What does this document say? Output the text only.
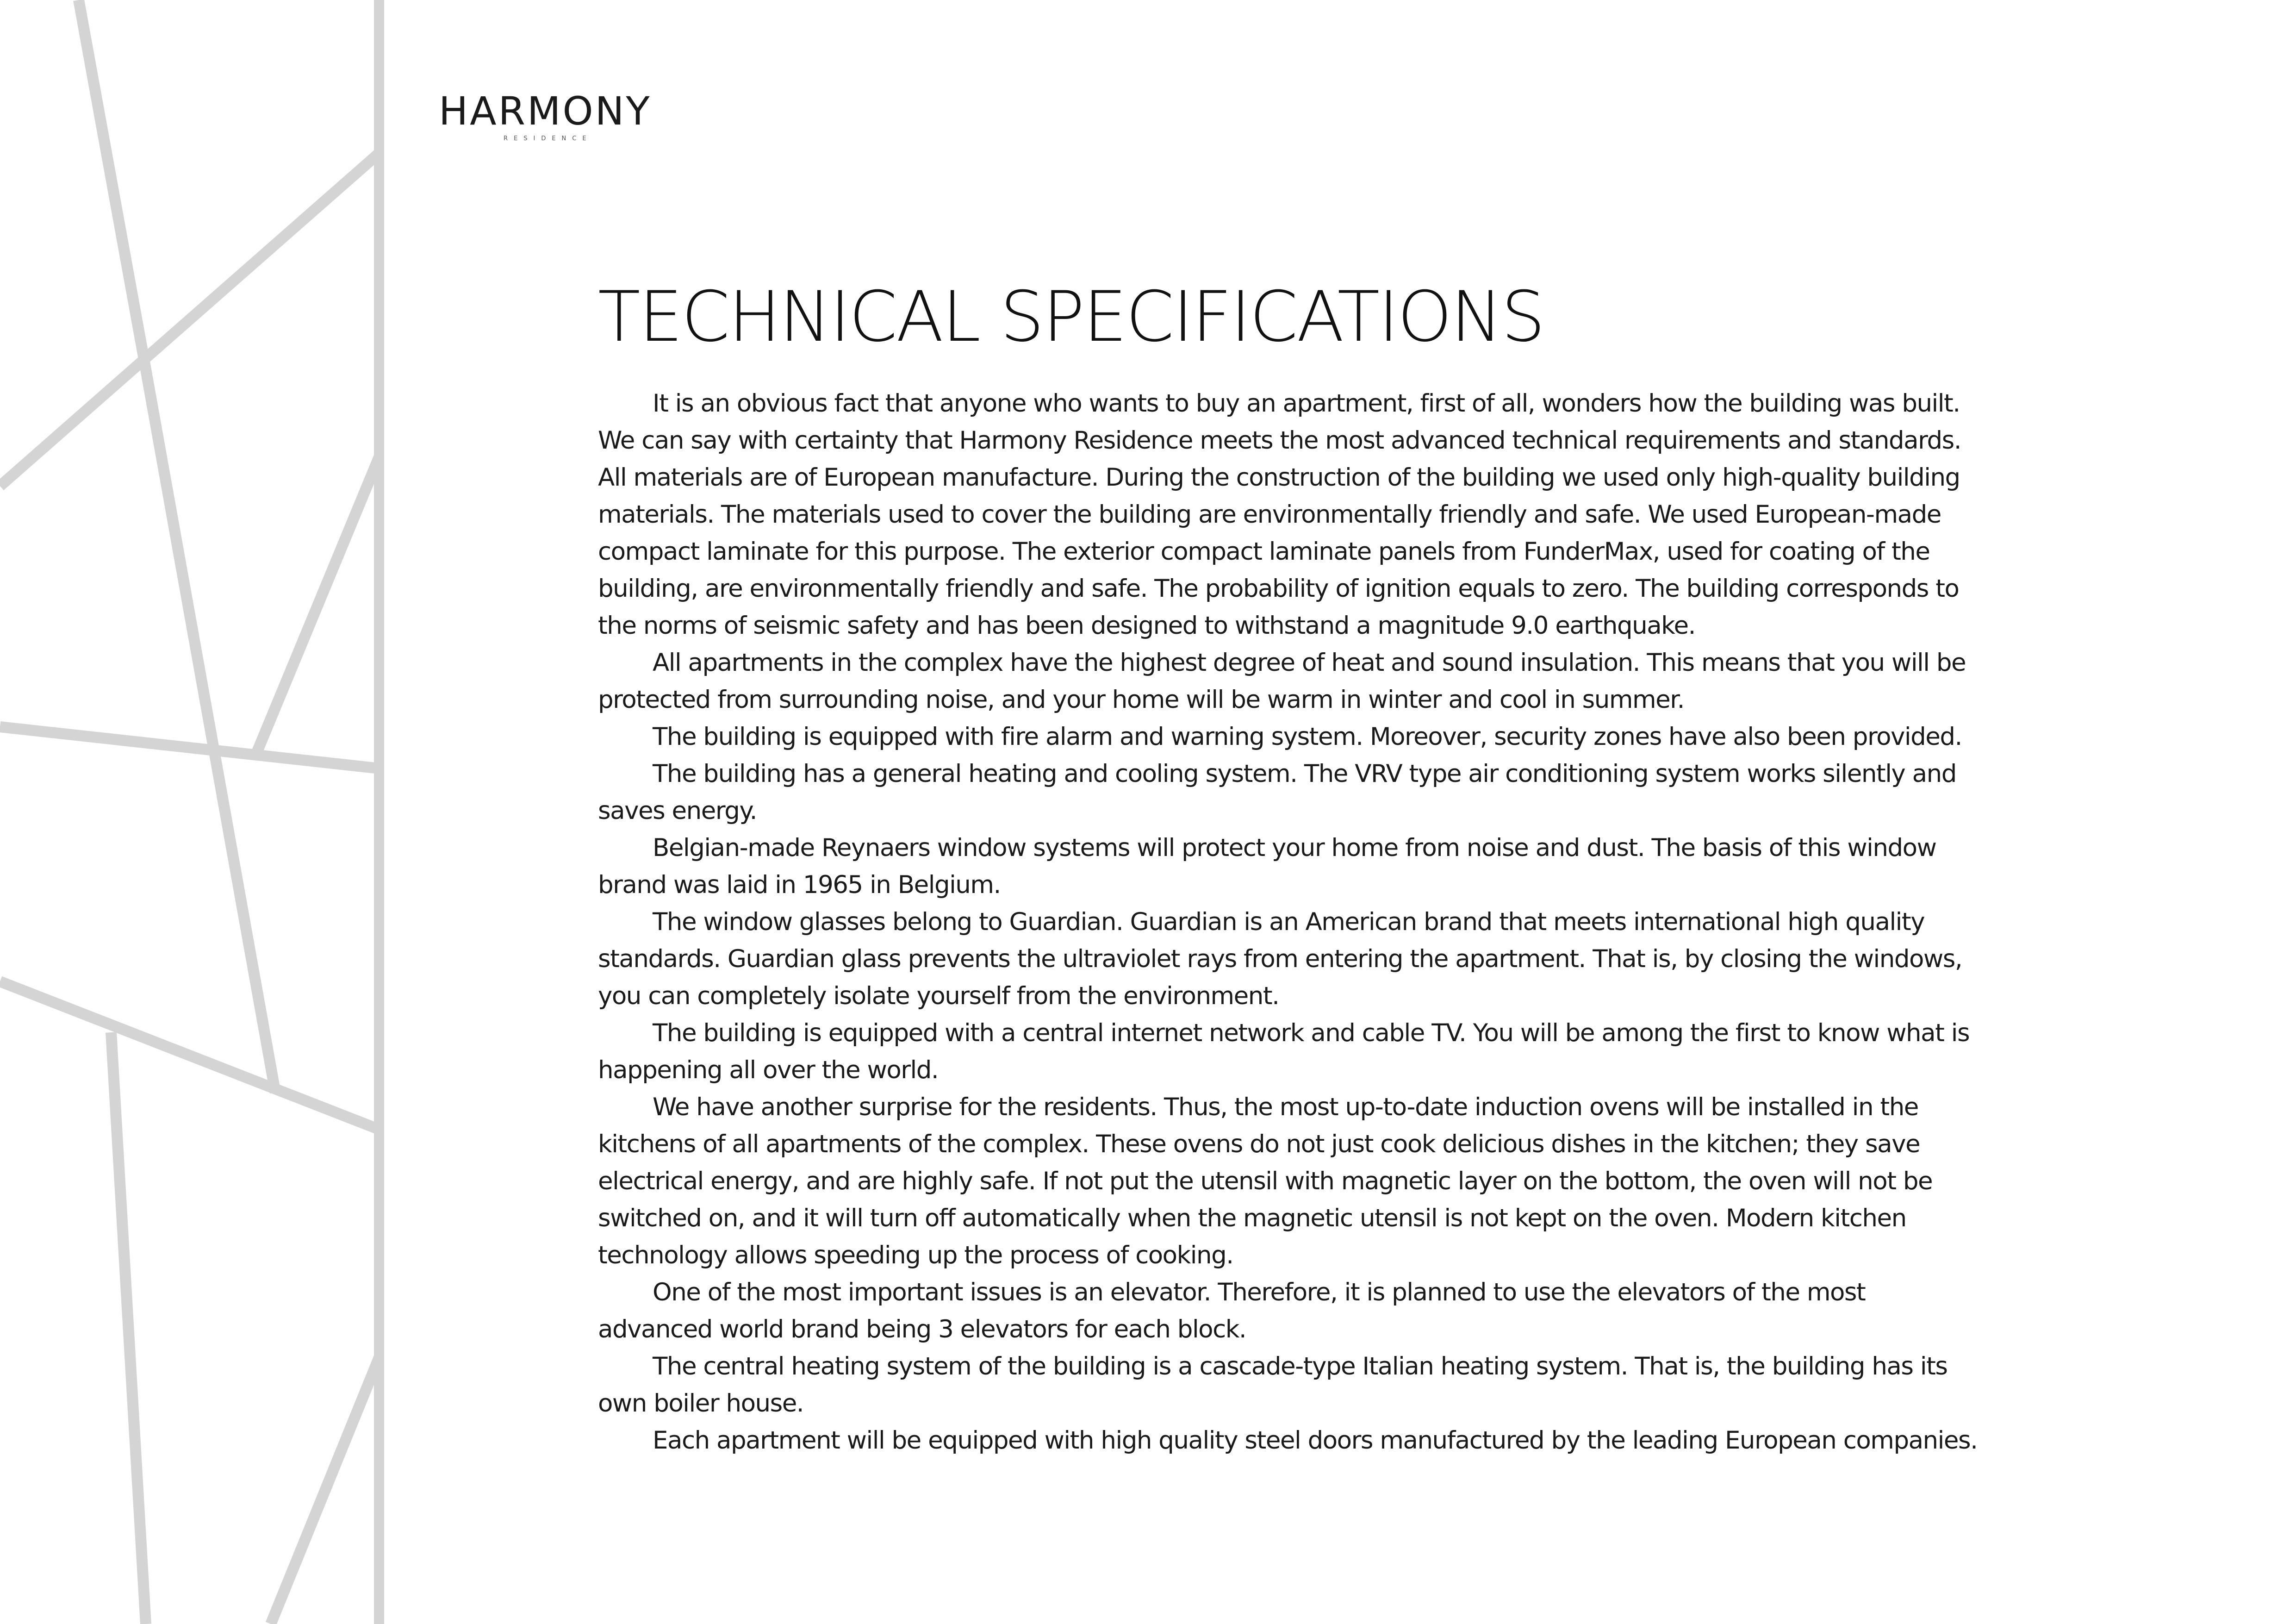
HARMONY
RESIDENCE
TECHNICAL SPECIFICATIONS

It is an obvious fact that anyone who wants to buy an apartment, first of all, wonders how the building was built. We can say with certainty that Harmony Residence meets the most advanced technical requirements and standards. All materials are of European manufacture. During the construction of the building we used only high-quality building materials. The materials used to cover the building are environmentally friendly and safe. We used European-made compact laminate for this purpose. The exterior compact laminate panels from FunderMax, used for coating of the building, are environmentally friendly and safe. The probability of ignition equals to zero. The building corresponds to the norms of seismic safety and has been designed to withstand a magnitude 9.0 earthquake.

All apartments in the complex have the highest degree of heat and sound insulation. This means that you will be protected from surrounding noise, and your home will be warm in winter and cool in summer.

The building is equipped with fire alarm and warning system. Moreover, security zones have also been provided.

The building has a general heating and cooling system. The VRV type air conditioning system works silently and saves energy.

Belgian-made Reynaers window systems will protect your home from noise and dust. The basis of this window brand was laid in 1965 in Belgium.

The window glasses belong to Guardian. Guardian is an American brand that meets international high quality standards. Guardian glass prevents the ultraviolet rays from entering the apartment. That is, by closing the windows, you can completely isolate yourself from the environment.

The building is equipped with a central internet network and cable TV. You will be among the first to know what is happening all over the world.

We have another surprise for the residents. Thus, the most up-to-date induction ovens will be installed in the kitchens of all apartments of the complex. These ovens do not just cook delicious dishes in the kitchen; they save electrical energy, and are highly safe. If not put the utensil with magnetic layer on the bottom, the oven will not be switched on, and it will turn off automatically when the magnetic utensil is not kept on the oven. Modern kitchen technology allows speeding up the process of cooking.

One of the most important issues is an elevator. Therefore, it is planned to use the elevators of the most advanced world brand being 3 elevators for each block.

The central heating system of the building is a cascade-type Italian heating system. That is, the building has its own boiler house.

Each apartment will be equipped with high quality steel doors manufactured by the leading European companies.
